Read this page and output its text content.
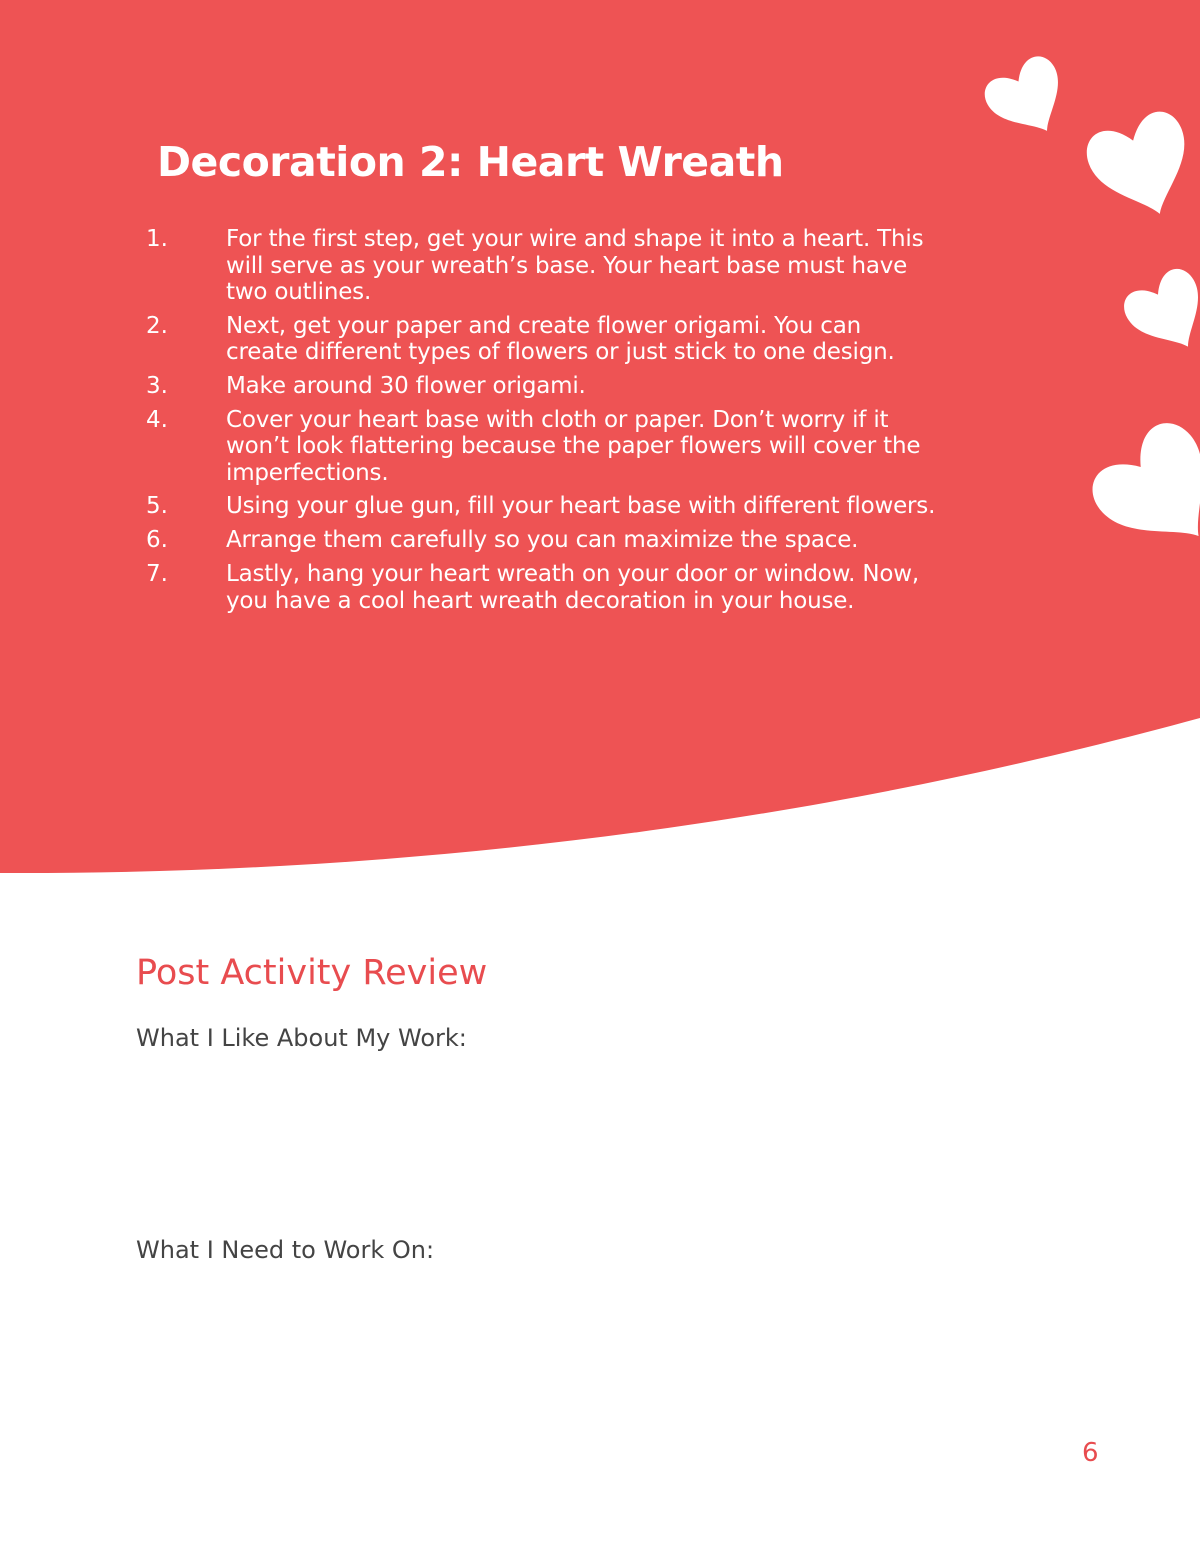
Decoration 2: Heart Wreath
1.	For the first step, get your wire and shape it into a heart. This
will serve as your wreath’s base. Your heart base must have
two outlines.
2.	Next, get your paper and create flower origami. You can
create different types of flowers or just stick to one design.
3.	Make around 30 flower origami.
4.	Cover your heart base with cloth or paper. Don’t worry if it
won’t look flattering because the paper flowers will cover the
imperfections.
5.	Using your glue gun, fill your heart base with different flowers.
6.	Arrange them carefully so you can maximize the space.
7.	Lastly, hang your heart wreath on your door or window. Now,
you have a cool heart wreath decoration in your house.
Post Activity Review

What I Like About My Work:

What I Need to Work On:

6
